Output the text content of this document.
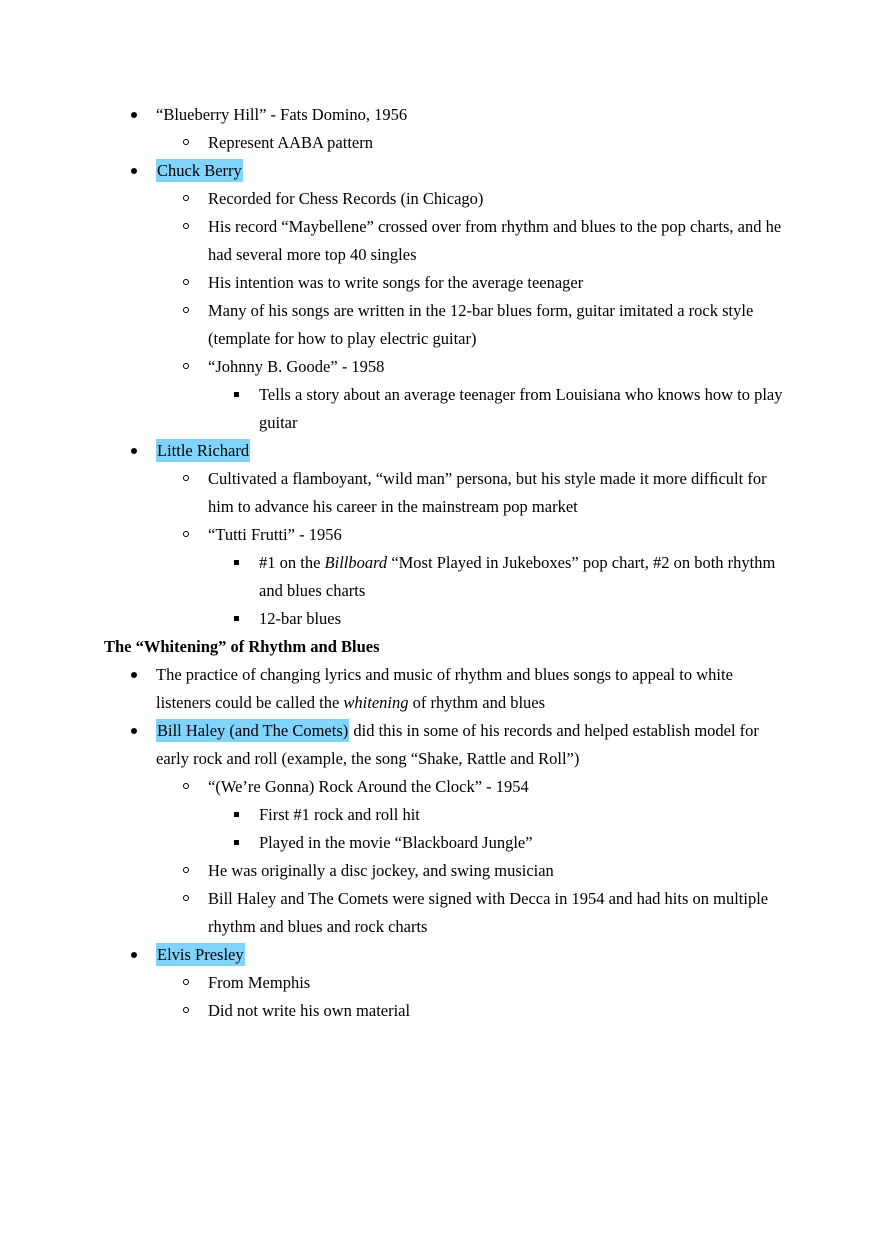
“Blueberry Hill” - Fats Domino, 1956
Represent AABA pattern
Chuck Berry
Recorded for Chess Records (in Chicago)
His record “Maybellene” crossed over from rhythm and blues to the pop charts, and he had several more top 40 singles
His intention was to write songs for the average teenager
Many of his songs are written in the 12-bar blues form, guitar imitated a rock style (template for how to play electric guitar)
“Johnny B. Goode” - 1958
Tells a story about an average teenager from Louisiana who knows how to play guitar
Little Richard
Cultivated a flamboyant, “wild man” persona, but his style made it more difﬁcult for him to advance his career in the mainstream pop market
“Tutti Frutti” - 1956
#1 on the Billboard “Most Played in Jukeboxes” pop chart, #2 on both rhythm and blues charts
12-bar blues
The “Whitening” of Rhythm and Blues
The practice of changing lyrics and music of rhythm and blues songs to appeal to white listeners could be called the whitening of rhythm and blues
Bill Haley (and The Comets) did this in some of his records and helped establish model for early rock and roll (example, the song “Shake, Rattle and Roll”)
“(We’re Gonna) Rock Around the Clock” - 1954
First #1 rock and roll hit
Played in the movie “Blackboard Jungle”
He was originally a disc jockey, and swing musician
Bill Haley and The Comets were signed with Decca in 1954 and had hits on multiple rhythm and blues and rock charts
Elvis Presley
From Memphis
Did not write his own material
